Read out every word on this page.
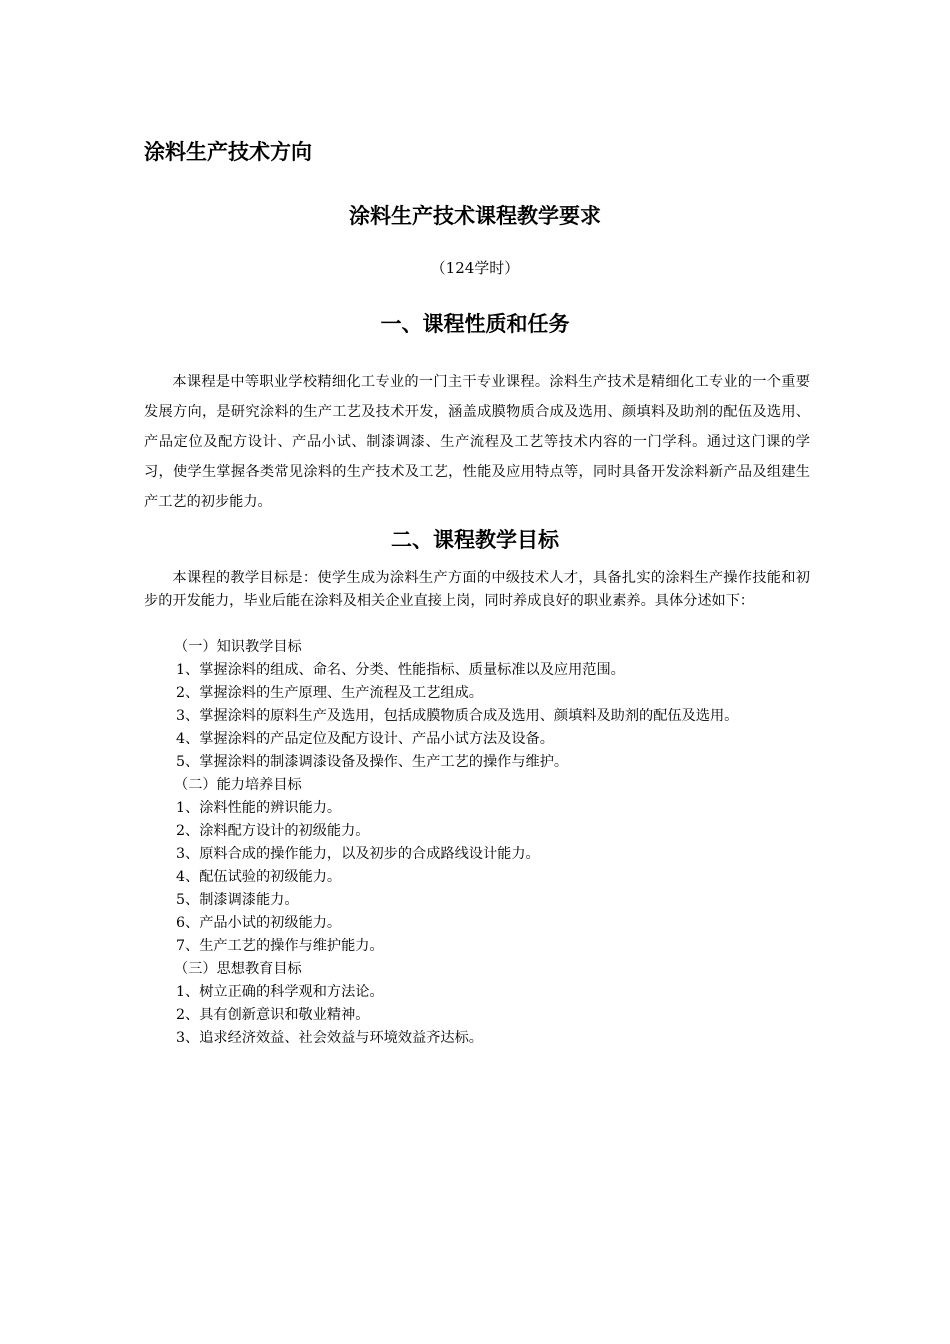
涂料生产技术方向
涂料生产技术课程教学要求
（124学时）
一、课程性质和任务

本课程是中等职业学校精细化工专业的一门主干专业课程。涂料生产技术是精细化工专业的一个重要发展方向，是研究涂料的生产工艺及技术开发，涵盖成膜物质合成及选用、颜填料及助剂的配伍及选用、产品定位及配方设计、产品小试、制漆调漆、生产流程及工艺等技术内容的一门学科。通过这门课的学习，使学生掌握各类常见涂料的生产技术及工艺，性能及应用特点等，同时具备开发涂料新产品及组建生产工艺的初步能力。

二、课程教学目标

本课程的教学目标是：使学生成为涂料生产方面的中级技术人才，具备扎实的涂料生产操作技能和初步的开发能力，毕业后能在涂料及相关企业直接上岗，同时养成良好的职业素养。具体分述如下：

（一）知识教学目标
1、掌握涂料的组成、命名、分类、性能指标、质量标准以及应用范围。
2、掌握涂料的生产原理、生产流程及工艺组成。
3、掌握涂料的原料生产及选用，包括成膜物质合成及选用、颜填料及助剂的配伍及选用。
4、掌握涂料的产品定位及配方设计、产品小试方法及设备。
5、掌握涂料的制漆调漆设备及操作、生产工艺的操作与维护。
（二）能力培养目标
1、涂料性能的辨识能力。
2、涂料配方设计的初级能力。
3、原料合成的操作能力，以及初步的合成路线设计能力。
4、配伍试验的初级能力。
5、制漆调漆能力。
6、产品小试的初级能力。
7、生产工艺的操作与维护能力。
（三）思想教育目标
1、树立正确的科学观和方法论。
2、具有创新意识和敬业精神。
3、追求经济效益、社会效益与环境效益齐达标。
